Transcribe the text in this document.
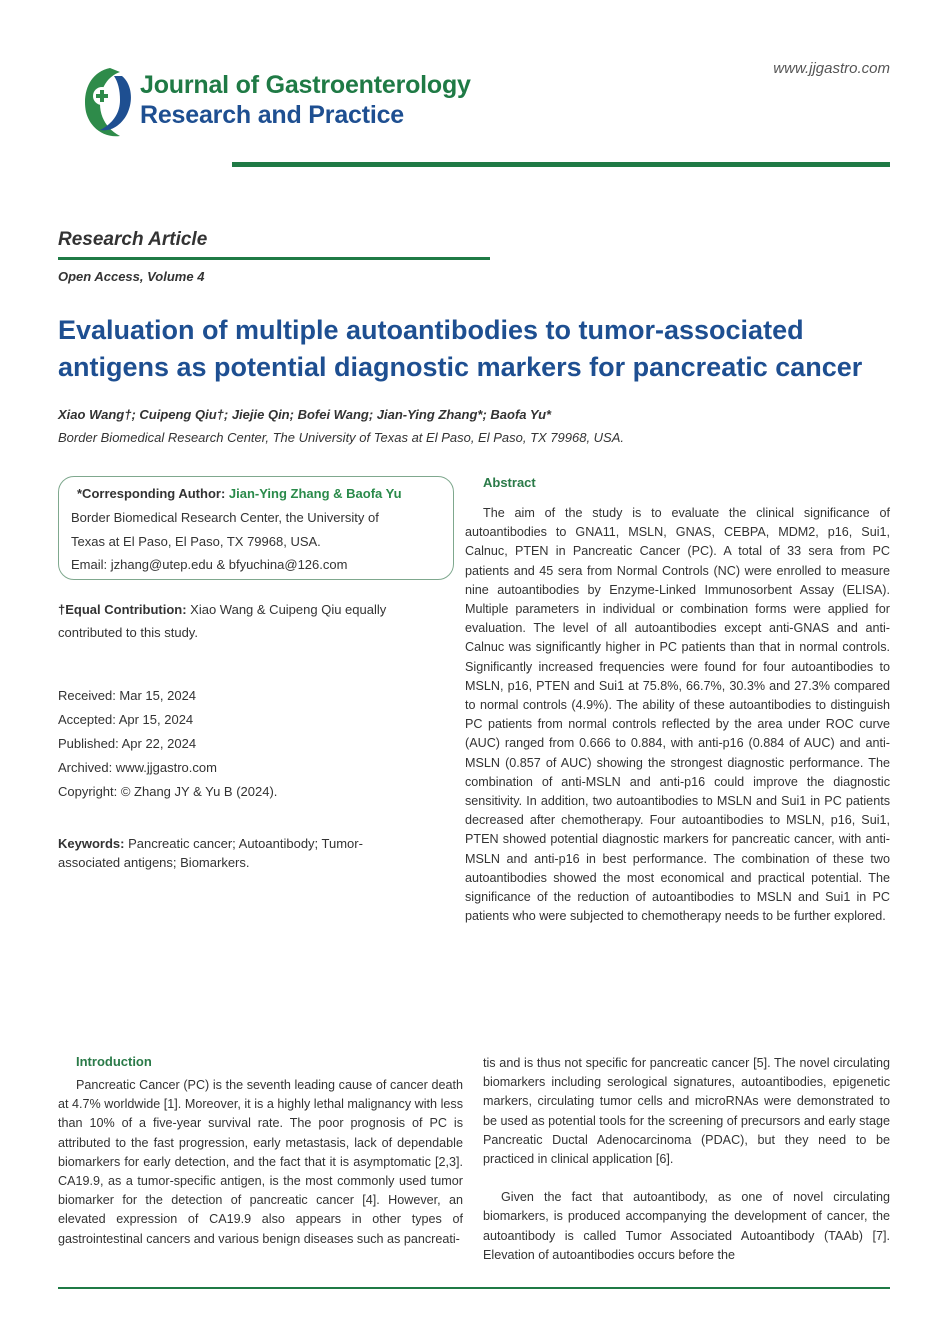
Journal of Gastroenterology
Research and Practice
www.jjgastro.com
Research Article
Open Access, Volume 4
Evaluation of multiple autoantibodies to tumor-associated antigens as potential diagnostic markers for pancreatic cancer
Xiao Wang†; Cuipeng Qiu†; Jiejie Qin; Bofei Wang; Jian-Ying Zhang*; Baofa Yu*
Border Biomedical Research Center, The University of Texas at El Paso, El Paso, TX 79968, USA.
*Corresponding Author: Jian-Ying Zhang & Baofa Yu
Border Biomedical Research Center, the University of
Texas at El Paso, El Paso, TX 79968, USA.
Email: jzhang@utep.edu & bfyuchina@126.com
†Equal Contribution: Xiao Wang & Cuipeng Qiu equally contributed to this study.
Received: Mar 15, 2024
Accepted: Apr 15, 2024
Published: Apr 22, 2024
Archived: www.jjgastro.com
Copyright: © Zhang JY & Yu B (2024).
Keywords: Pancreatic cancer; Autoantibody; Tumor-associated antigens; Biomarkers.
Abstract
The aim of the study is to evaluate the clinical significance of autoantibodies to GNA11, MSLN, GNAS, CEBPA, MDM2, p16, Sui1, Calnuc, PTEN in Pancreatic Cancer (PC). A total of 33 sera from PC patients and 45 sera from Normal Controls (NC) were enrolled to measure nine autoantibodies by Enzyme-Linked Immunosorbent Assay (ELISA). Multiple parameters in individual or combination forms were applied for evaluation. The level of all autoantibodies except anti-GNAS and anti-Calnuc was significantly higher in PC patients than that in normal controls. Significantly increased frequencies were found for four autoantibodies to MSLN, p16, PTEN and Sui1 at 75.8%, 66.7%, 30.3% and 27.3% compared to normal controls (4.9%). The ability of these autoantibodies to distinguish PC patients from normal controls reflected by the area under ROC curve (AUC) ranged from 0.666 to 0.884, with anti-p16 (0.884 of AUC) and anti-MSLN (0.857 of AUC) showing the strongest diagnostic performance. The combination of anti-MSLN and anti-p16 could improve the diagnostic sensitivity. In addition, two autoantibodies to MSLN and Sui1 in PC patients decreased after chemotherapy. Four autoantibodies to MSLN, p16, Sui1, PTEN showed potential diagnostic markers for pancreatic cancer, with anti-MSLN and anti-p16 in best performance. The combination of these two autoantibodies showed the most economical and practical potential. The significance of the reduction of autoantibodies to MSLN and Sui1 in PC patients who were subjected to chemotherapy needs to be further explored.
Introduction
Pancreatic Cancer (PC) is the seventh leading cause of cancer death at 4.7% worldwide [1]. Moreover, it is a highly lethal malignancy with less than 10% of a five-year survival rate. The poor prognosis of PC is attributed to the fast progression, early metastasis, lack of dependable biomarkers for early detection, and the fact that it is asymptomatic [2,3]. CA19.9, as a tumor-specific antigen, is the most commonly used tumor biomarker for the detection of pancreatic cancer [4]. However, an elevated expression of CA19.9 also appears in other types of gastrointestinal cancers and various benign diseases such as pancreati-

tis and is thus not specific for pancreatic cancer [5]. The novel circulating biomarkers including serological signatures, autoantibodies, epigenetic markers, circulating tumor cells and microRNAs were demonstrated to be used as potential tools for the screening of precursors and early stage Pancreatic Ductal Adenocarcinoma (PDAC), but they need to be practiced in clinical application [6].

Given the fact that autoantibody, as one of novel circulating biomarkers, is produced accompanying the development of cancer, the autoantibody is called Tumor Associated Autoantibody (TAAb) [7]. Elevation of autoantibodies occurs before the
